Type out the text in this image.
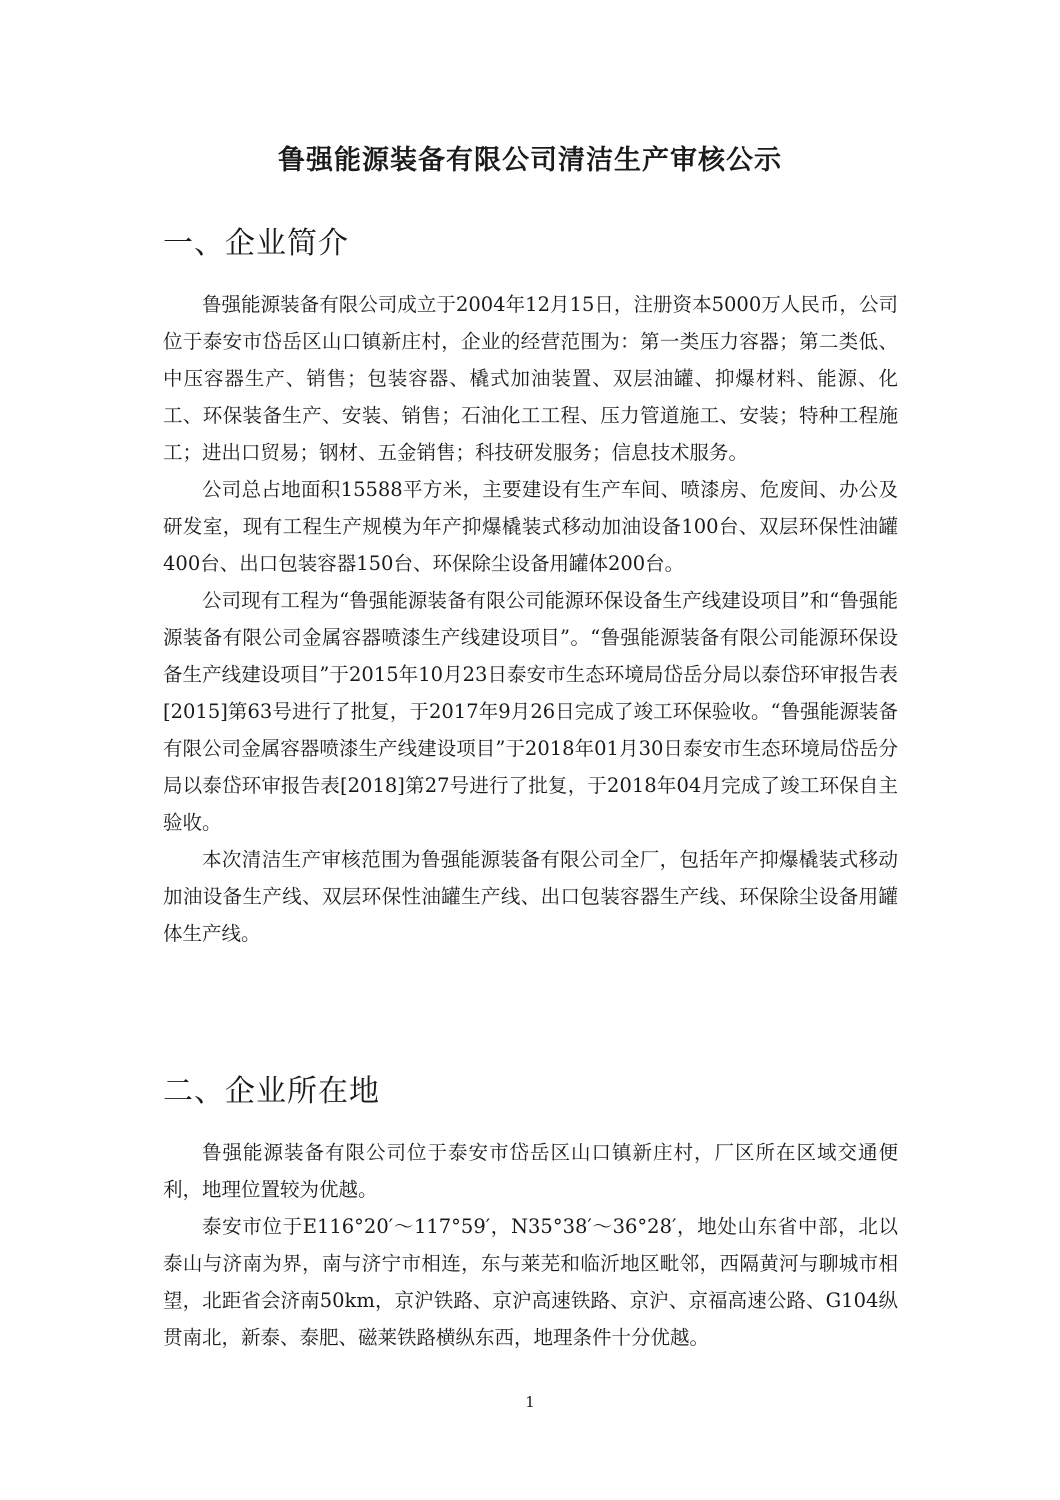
鲁强能源装备有限公司清洁生产审核公示
一、企业简介

鲁强能源装备有限公司成立于2004年12月15日，注册资本5000万人民币，公司位于泰安市岱岳区山口镇新庄村，企业的经营范围为：第一类压力容器；第二类低、中压容器生产、销售；包装容器、橇式加油装置、双层油罐、抑爆材料、能源、化工、环保装备生产、安装、销售；石油化工工程、压力管道施工、安装；特种工程施工；进出口贸易；钢材、五金销售；科技研发服务；信息技术服务。

公司总占地面积15588平方米，主要建设有生产车间、喷漆房、危废间、办公及研发室，现有工程生产规模为年产抑爆橇装式移动加油设备100台、双层环保性油罐400台、出口包装容器150台、环保除尘设备用罐体200台。

公司现有工程为“鲁强能源装备有限公司能源环保设备生产线建设项目”和“鲁强能源装备有限公司金属容器喷漆生产线建设项目”。“鲁强能源装备有限公司能源环保设备生产线建设项目”于2015年10月23日泰安市生态环境局岱岳分局以泰岱环审报告表[2015]第63号进行了批复，于2017年9月26日完成了竣工环保验收。“鲁强能源装备有限公司金属容器喷漆生产线建设项目”于2018年01月30日泰安市生态环境局岱岳分局以泰岱环审报告表[2018]第27号进行了批复，于2018年04月完成了竣工环保自主验收。

本次清洁生产审核范围为鲁强能源装备有限公司全厂，包括年产抑爆橇装式移动加油设备生产线、双层环保性油罐生产线、出口包装容器生产线、环保除尘设备用罐体生产线。

二、企业所在地

鲁强能源装备有限公司位于泰安市岱岳区山口镇新庄村，厂区所在区域交通便利，地理位置较为优越。

泰安市位于E116°20′～117°59′，N35°38′～36°28′，地处山东省中部，北以泰山与济南为界，南与济宁市相连，东与莱芜和临沂地区毗邻，西隔黄河与聊城市相望，北距省会济南50km，京沪铁路、京沪高速铁路、京沪、京福高速公路、G104纵贯南北，新泰、泰肥、磁莱铁路横纵东西，地理条件十分优越。

1
